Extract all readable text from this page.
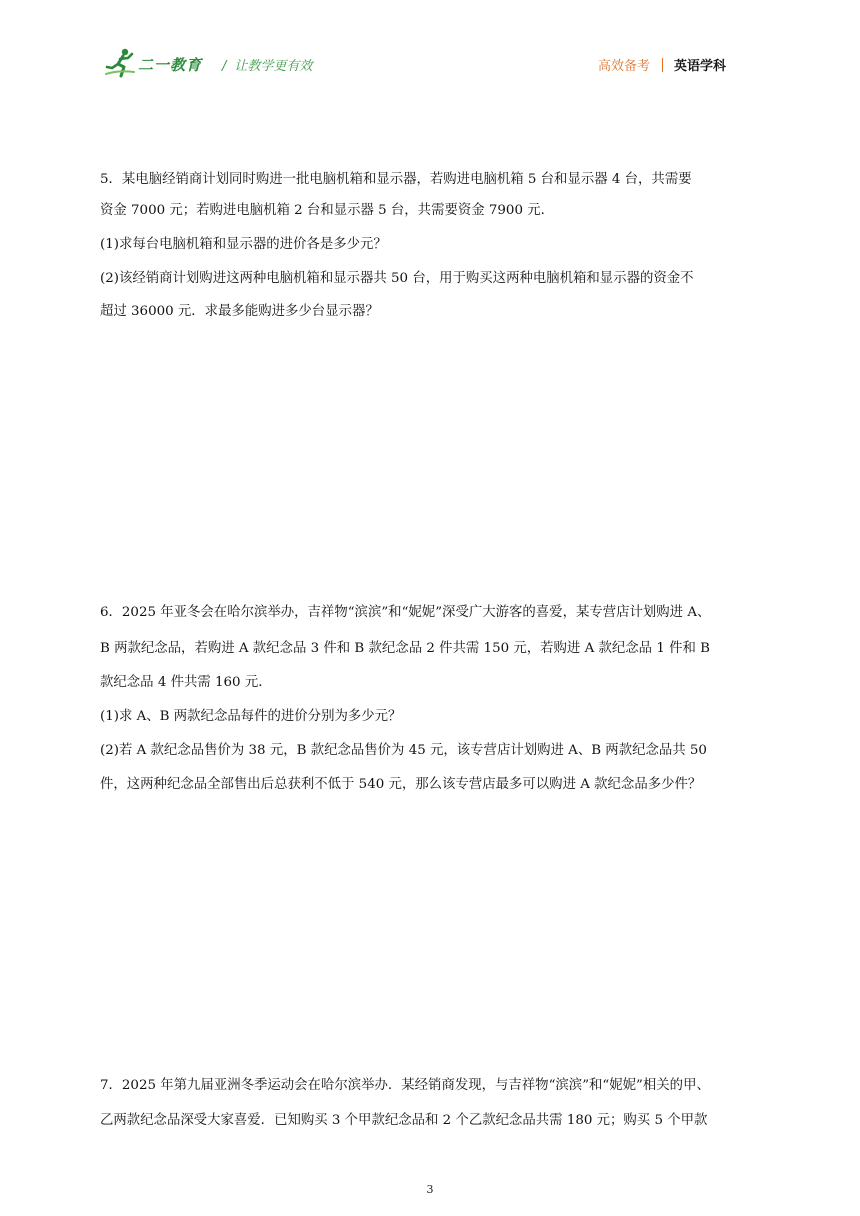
二一教育 / 让教学更有效	高效备考 英语学科
5．某电脑经销商计划同时购进一批电脑机箱和显示器，若购进电脑机箱 5 台和显示器 4 台，共需要
资金 7000 元；若购进电脑机箱 2 台和显示器 5 台，共需要资金 7900 元．
(1)求每台电脑机箱和显示器的进价各是多少元？
(2)该经销商计划购进这两种电脑机箱和显示器共 50 台，用于购买这两种电脑机箱和显示器的资金不
超过 36000 元．求最多能购进多少台显示器？
6．2025 年亚冬会在哈尔滨举办，吉祥物“滨滨”和“妮妮”深受广大游客的喜爱，某专营店计划购进 A、
B 两款纪念品，若购进 A 款纪念品 3 件和 B 款纪念品 2 件共需 150 元，若购进 A 款纪念品 1 件和 B
款纪念品 4 件共需 160 元．
(1)求 A、B 两款纪念品每件的进价分别为多少元？
(2)若 A 款纪念品售价为 38 元，B 款纪念品售价为 45 元，该专营店计划购进 A、B 两款纪念品共 50
件，这两种纪念品全部售出后总获利不低于 540 元，那么该专营店最多可以购进 A 款纪念品多少件？
7．2025 年第九届亚洲冬季运动会在哈尔滨举办．某经销商发现，与吉祥物“滨滨”和“妮妮”相关的甲、
乙两款纪念品深受大家喜爱．已知购买 3 个甲款纪念品和 2 个乙款纪念品共需 180 元；购买 5 个甲款
3
